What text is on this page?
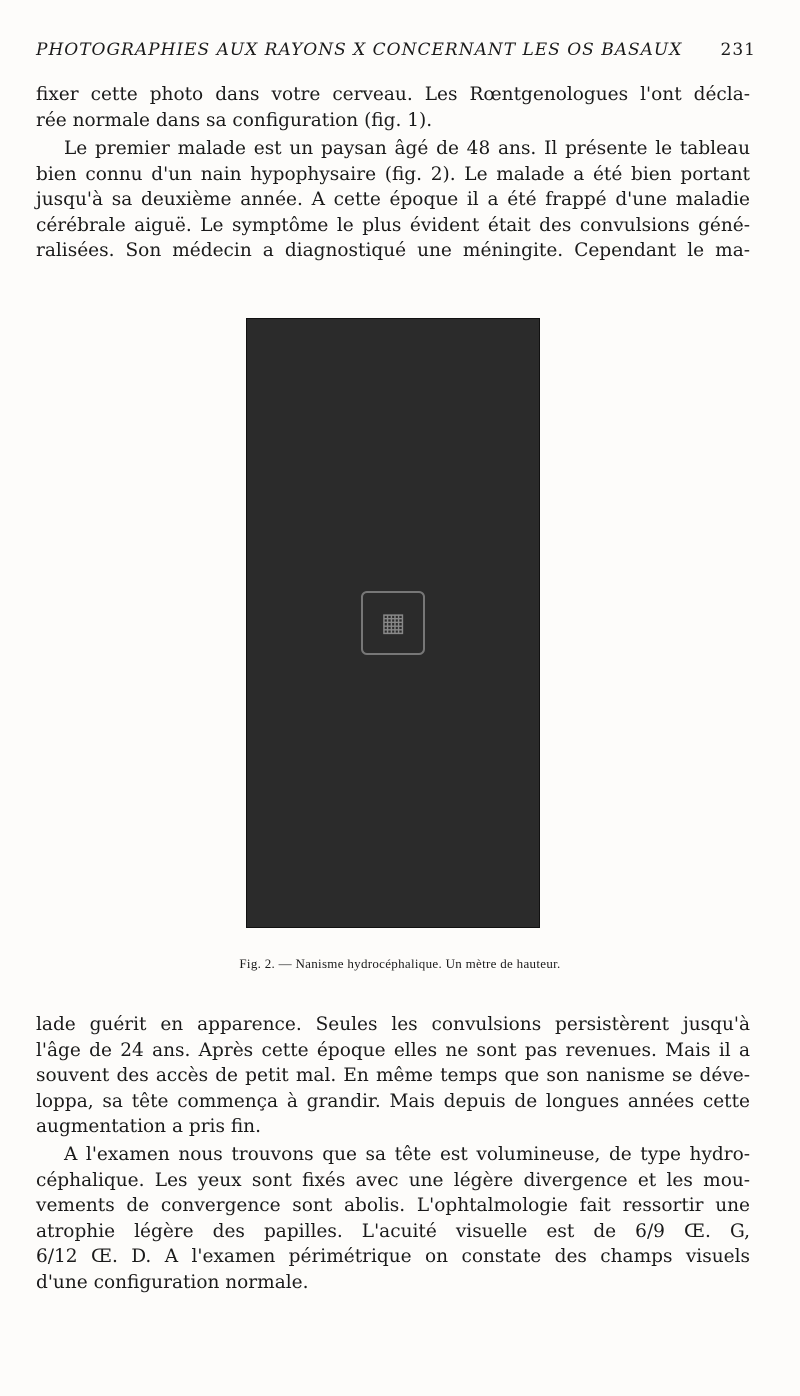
PHOTOGRAPHIES AUX RAYONS X CONCERNANT LES OS BASAUX 231
fixer cette photo dans votre cerveau. Les Rœntgenologues l'ont décla-
rée normale dans sa configuration (fig. 1).
Le premier malade est un paysan âgé de 48 ans. Il présente le tableau
bien connu d'un nain hypophysaire (fig. 2). Le malade a été bien portant
jusqu'à sa deuxième année. A cette époque il a été frappé d'une maladie
cérébrale aiguë. Le symptôme le plus évident était des convulsions géné-
ralisées. Son médecin a diagnostiqué une méningite. Cependant le ma-
▦
Fig. 2. — Nanisme hydrocéphalique. Un mètre de hauteur.
lade guérit en apparence. Seules les convulsions persistèrent jusqu'à
l'âge de 24 ans. Après cette époque elles ne sont pas revenues. Mais il a
souvent des accès de petit mal. En même temps que son nanisme se déve-
loppa, sa tête commença à grandir. Mais depuis de longues années cette
augmentation a pris fin.
A l'examen nous trouvons que sa tête est volumineuse, de type hydro-
céphalique. Les yeux sont fixés avec une légère divergence et les mou-
vements de convergence sont abolis. L'ophtalmologie fait ressortir une
atrophie légère des papilles. L'acuité visuelle est de 6/9 Œ. G,
6/12 Œ. D. A l'examen périmétrique on constate des champs visuels
d'une configuration normale.
